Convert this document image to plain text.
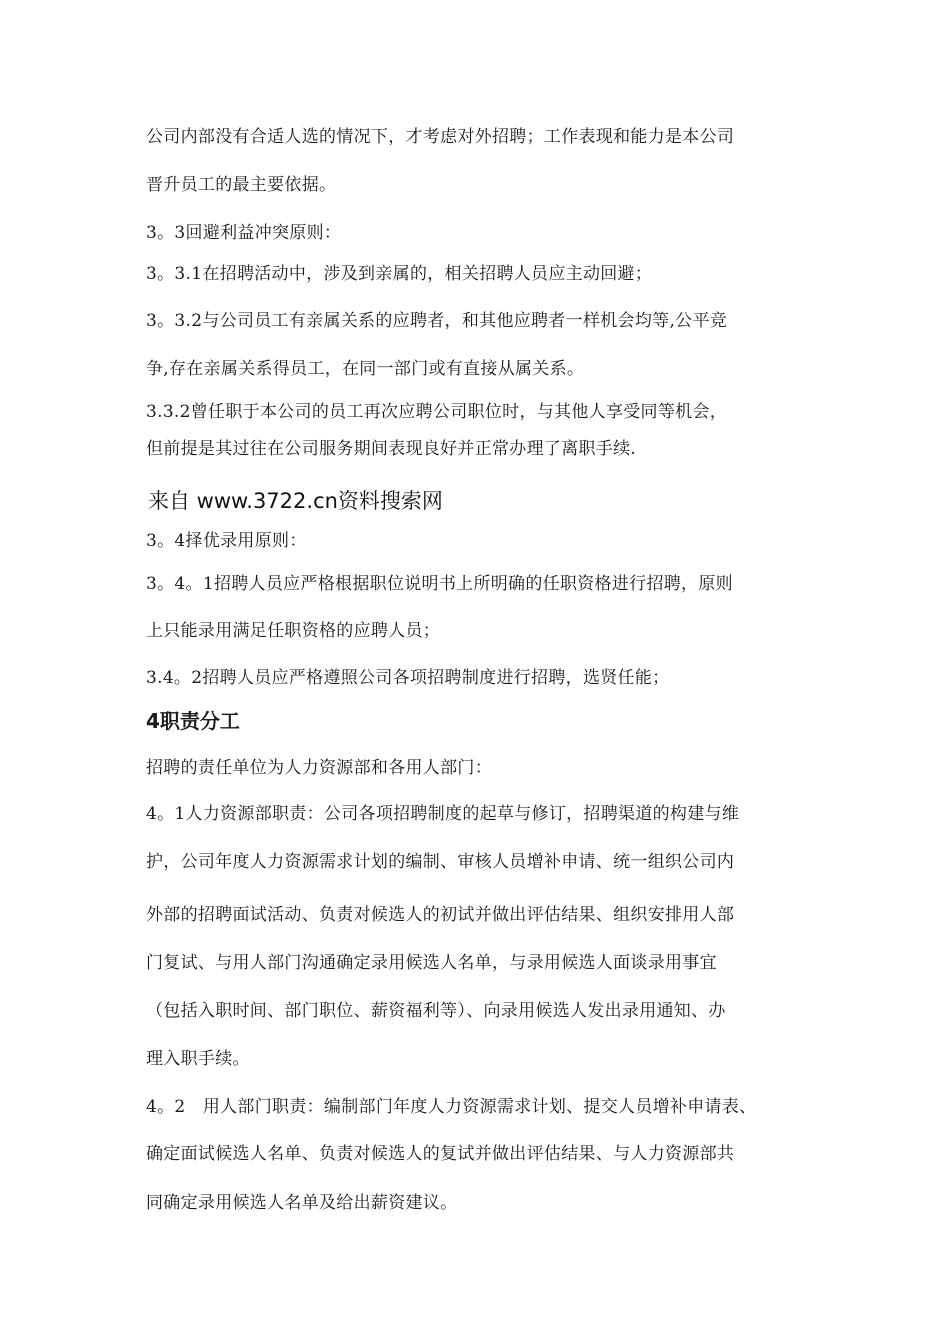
公司内部没有合适人选的情况下，才考虑对外招聘；工作表现和能力是本公司
晋升员工的最主要依据。
3。3回避利益冲突原则：
3。3.1在招聘活动中，涉及到亲属的，相关招聘人员应主动回避；
3。3.2与公司员工有亲属关系的应聘者，和其他应聘者一样机会均等,公平竞
争,存在亲属关系得员工，在同一部门或有直接从属关系。
3.3.2曾任职于本公司的员工再次应聘公司职位时，与其他人享受同等机会，
但前提是其过往在公司服务期间表现良好并正常办理了离职手续.
来自 www.3722.cn资料搜索网
3。4择优录用原则：
3。4。1招聘人员应严格根据职位说明书上所明确的任职资格进行招聘，原则
上只能录用满足任职资格的应聘人员；
3.4。2招聘人员应严格遵照公司各项招聘制度进行招聘，选贤任能；
4职责分工
招聘的责任单位为人力资源部和各用人部门：
4。1人力资源部职责：公司各项招聘制度的起草与修订，招聘渠道的构建与维
护，公司年度人力资源需求计划的编制、审核人员增补申请、统一组织公司内
外部的招聘面试活动、负责对候选人的初试并做出评估结果、组织安排用人部
门复试、与用人部门沟通确定录用候选人名单，与录用候选人面谈录用事宜
（包括入职时间、部门职位、薪资福利等）、向录用候选人发出录用通知、办
理入职手续。
4。2　用人部门职责：编制部门年度人力资源需求计划、提交人员增补申请表、
确定面试候选人名单、负责对候选人的复试并做出评估结果、与人力资源部共
同确定录用候选人名单及给出薪资建议。
